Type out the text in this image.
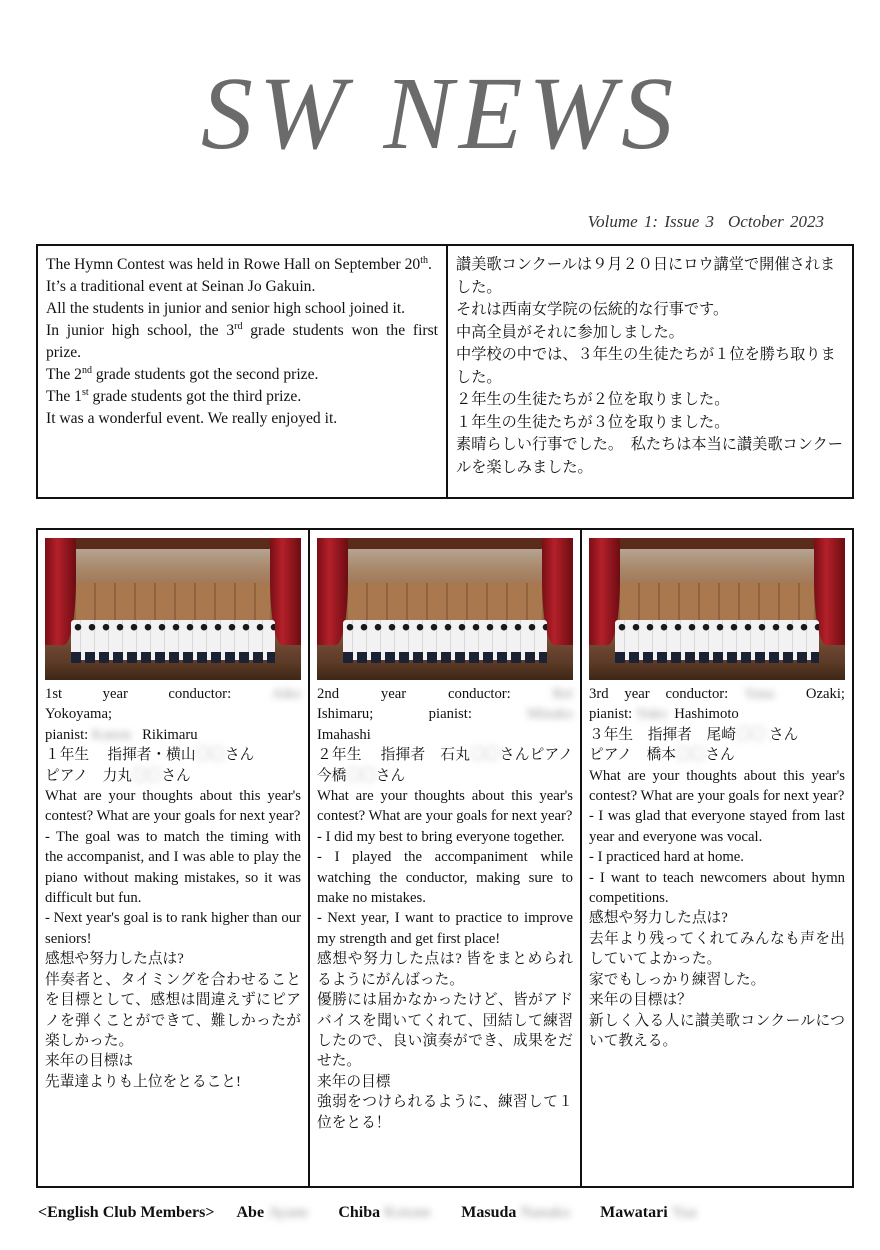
SW NEWS
Volume 1: Issue 3 October 2023

The Hymn Contest was held in Rowe Hall on September 20th.

It’s a traditional event at Seinan Jo Gakuin.

All the students in junior and senior high school joined it.

In junior high school, the 3rd grade students won the first prize.

The 2nd grade students got the second prize.

The 1st grade students got the third prize.

It was a wonderful event. We really enjoyed it.

讃美歌コンクールは９月２０日にロウ講堂で開催されました。

それは西南女学院の伝統的な行事です。

中高全員がそれに参加しました。

中学校の中では、３年生の生徒たちが１位を勝ち取りました。

２年生の生徒たちが２位を取りました。

１年生の生徒たちが３位を取りました。

素晴らしい行事でした。　私たちは本当に讃美歌コンクールを楽しみました。

1st year conductor: Aiko

Yokoyama;

pianist: Kanon Rikimaru

１年生　 指揮者・横山〇〇さん

ピアノ　力丸〇〇さん

What are your thoughts about this year's contest? What are your goals for next year?

- The goal was to match the timing with the accompanist, and I was able to play the piano without making mistakes, so it was difficult but fun.

- Next year's goal is to rank higher than our seniors!

感想や努力した点は?

伴奏者と、タイミングを合わせることを目標として、感想は間違えずにピアノを弾くことができて、難しかったが楽しかった。

来年の目標は

先輩達よりも上位をとること!

2nd year conductor: Rei

Ishimaru; pianist: Minako

Imahashi

２年生　 指揮者　石丸〇〇さんピアノ今橋〇〇さん

What are your thoughts about this year's contest? What are your goals for next year?

- I did my best to bring everyone together.

- I played the accompaniment while watching the conductor, making sure to make no mistakes.

- Next year, I want to practice to improve my strength and get first place!

感想や努力した点は? 皆をまとめられるようにがんばった。

優勝には届かなかったけど、皆がアドバイスを聞いてくれて、団結して練習したので、良い演奏ができ、成果をだせた。

来年の目標

強弱をつけられるように、練習して１位をとる！

3rd year conductor: Yuna Ozaki;

pianist: Yuko Hashimoto

３年生　指揮者　尾崎〇〇 さん

ピアノ　橋本〇〇さん

What are your thoughts about this year's contest? What are your goals for next year?

- I was glad that everyone stayed from last year and everyone was vocal.

- I practiced hard at home.

- I want to teach newcomers about hymn competitions.

感想や努力した点は?

去年より残ってくれてみんなも声を出していてよかった。

家でもしっかり練習した。

来年の目標は？

新しく入る人に讃美歌コンクールについて教える。

<English Club Members> Abe Ayane Chiba Kotone Masuda Nanako Mawatari Yua
